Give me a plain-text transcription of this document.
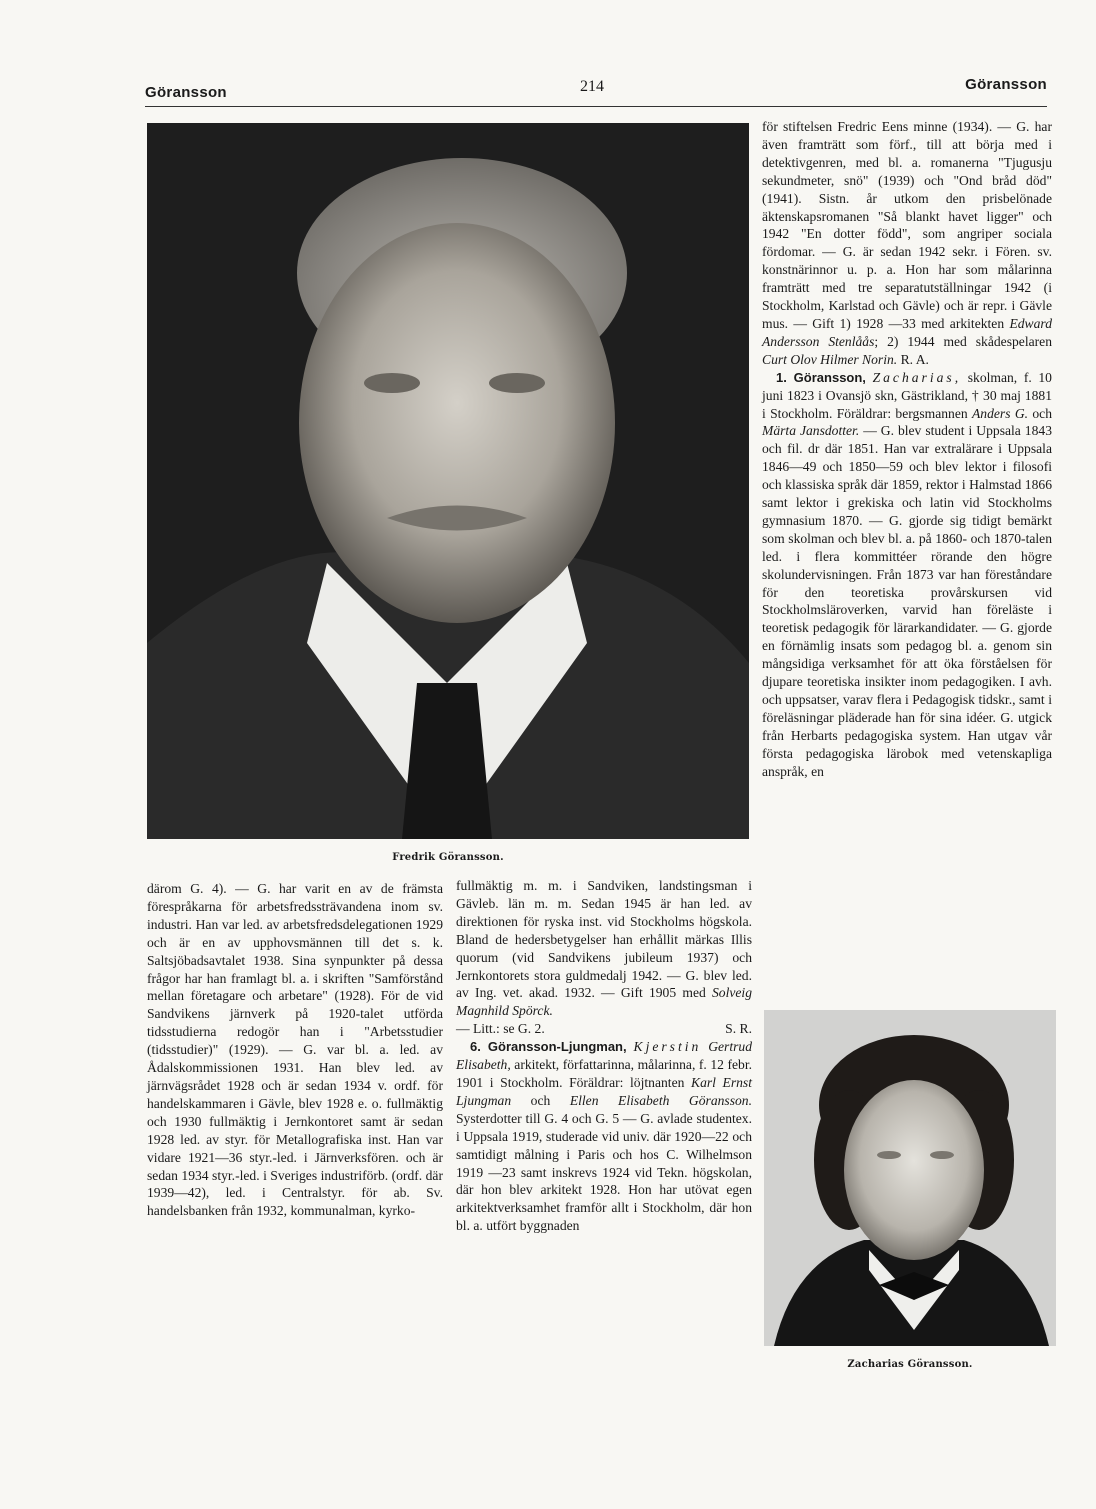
Göransson	214	Göransson
Fredrik Göransson.

därom G. 4). — G. har varit en av de främsta förespråkarna för arbetsfredssträvandena inom sv. industri. Han var led. av arbetsfredsdelegationen 1929 och är en av upphovsmännen till det s. k. Saltsjöbadsavtalet 1938. Sina synpunkter på dessa frågor har han framlagt bl. a. i skriften "Samförstånd mellan företagare och arbetare" (1928). För de vid Sandvikens järnverk på 1920-talet utförda tidsstudierna redogör han i "Arbetsstudier (tidsstudier)" (1929). — G. var bl. a. led. av Ådalskommissionen 1931. Han blev led. av järnvägsrådet 1928 och är sedan 1934 v. ordf. för handelskammaren i Gävle, blev 1928 e. o. fullmäktig och 1930 fullmäktig i Jernkontoret samt är sedan 1928 led. av styr. för Metallografiska inst. Han var vidare 1921—36 styr.-led. i Järnverksfören. och är sedan 1934 styr.-led. i Sveriges industriförb. (ordf. där 1939—42), led. i Centralstyr. för ab. Sv. handelsbanken från 1932, kommunalman, kyrko-

fullmäktig m. m. i Sandviken, landstingsman i Gävleb. län m. m. Sedan 1945 är han led. av direktionen för ryska inst. vid Stockholms högskola. Bland de hedersbetygelser han erhållit märkas Illis quorum (vid Sandvikens jubileum 1937) och Jernkontorets stora guldmedalj 1942. — G. blev led. av Ing. vet. akad. 1932. — Gift 1905 med Solveig Magnhild Spörck.

— Litt.: se G. 2.	S. R.

6. Göransson-Ljungman, Kjerstin Gertrud Elisabeth, arkitekt, författarinna, målarinna, f. 12 febr. 1901 i Stockholm. Föräldrar: löjtnanten Karl Ernst Ljungman och Ellen Elisabeth Göransson. Systerdotter till G. 4 och G. 5 — G. avlade studentex. i Uppsala 1919, studerade vid univ. där 1920—22 och samtidigt målning i Paris och hos C. Wilhelmson 1919 —23 samt inskrevs 1924 vid Tekn. högskolan, där hon blev arkitekt 1928. Hon har utövat egen arkitektverksamhet framför allt i Stockholm, där hon bl. a. utfört byggnaden

för stiftelsen Fredric Eens minne (1934). — G. har även framträtt som förf., till att börja med i detektivgenren, med bl. a. romanerna "Tjugusju sekundmeter, snö" (1939) och "Ond bråd död" (1941). Sistn. år utkom den prisbelönade äktenskapsromanen "Så blankt havet ligger" och 1942 "En dotter född", som angriper sociala fördomar. — G. är sedan 1942 sekr. i Fören. sv. konstnärinnor u. p. a. Hon har som målarinna framträtt med tre separatutställningar 1942 (i Stockholm, Karlstad och Gävle) och är repr. i Gävle mus. — Gift 1) 1928 —33 med arkitekten Edward Andersson Stenlåås; 2) 1944 med skådespelaren Curt Olov Hilmer Norin. R. A.

1. Göransson, Zacharias, skolman, f. 10 juni 1823 i Ovansjö skn, Gästrikland, † 30 maj 1881 i Stockholm. Föräldrar: bergsmannen Anders G. och Märta Jansdotter. — G. blev student i Uppsala 1843 och fil. dr där 1851. Han var extralärare i Uppsala 1846—49 och 1850—59 och blev lektor i filosofi och klassiska språk där 1859, rektor i Halmstad 1866 samt lektor i grekiska och latin vid Stockholms gymnasium 1870. — G. gjorde sig tidigt bemärkt som skolman och blev bl. a. på 1860- och 1870-talen led. i flera kommittéer rörande den högre skolundervisningen. Från 1873 var han föreståndare för den teoretiska provårskursen vid Stockholmsläroverken, varvid han föreläste i teoretisk pedagogik för lärarkandidater. — G. gjorde en förnämlig insats som pedagog bl. a. genom sin mångsidiga verksamhet för att öka förståelsen för djupare teoretiska insikter inom pedagogiken. I avh. och uppsatser, varav flera i Pedagogisk tidskr., samt i föreläsningar pläderade han för sina idéer. G. utgick från Herbarts pedagogiska system. Han utgav vår första pedagogiska lärobok med vetenskapliga anspråk, en

Zacharias Göransson.
